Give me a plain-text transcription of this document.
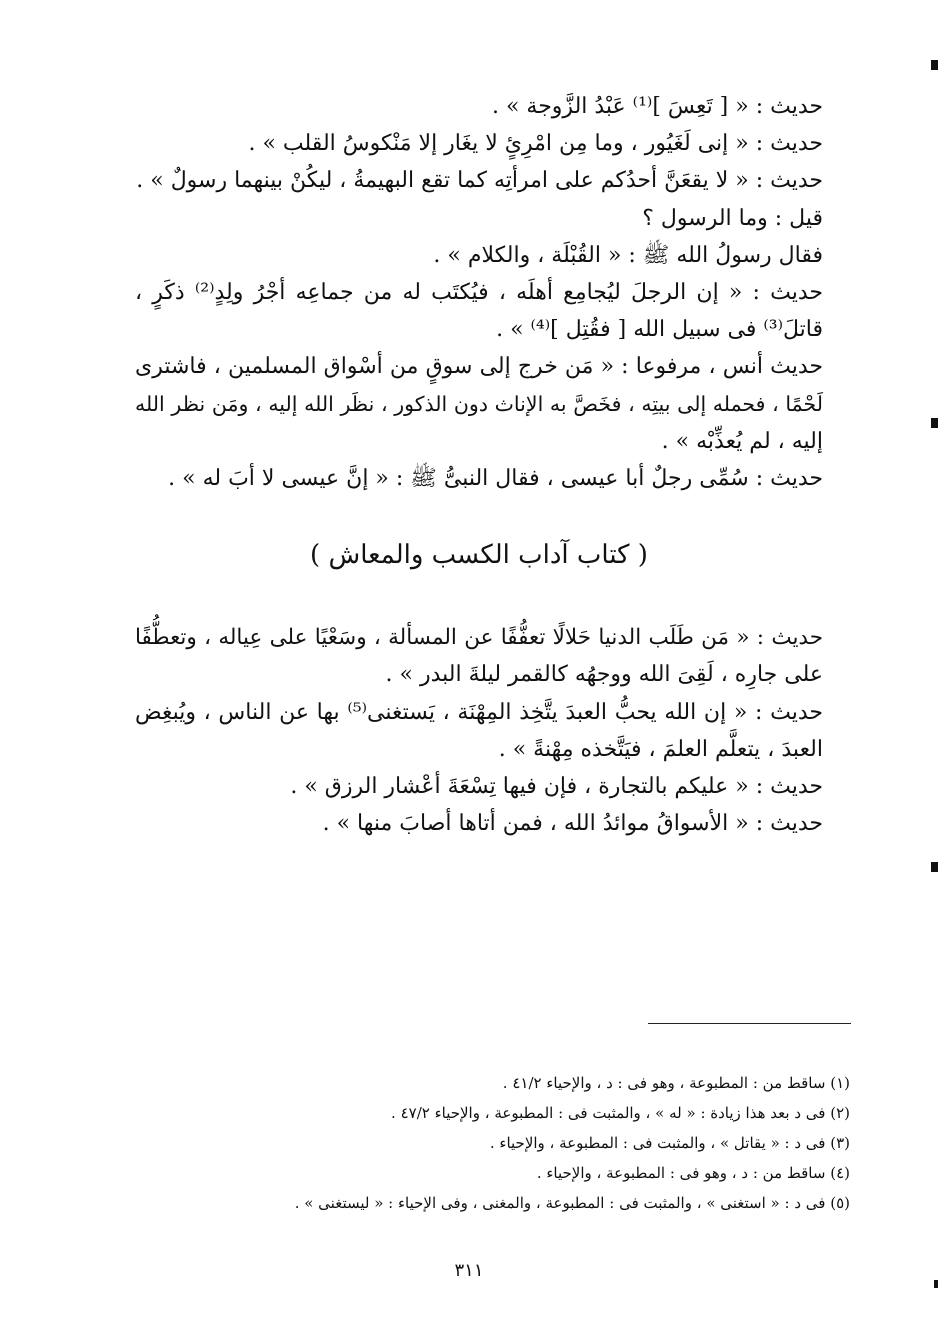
حديث : « [ تَعِسَ ]⁽¹⁾ عَبْدُ الزَّوجة » .
حديث : « إنى لَغَيُور ، وما مِن امْرِئٍ لا يغَار إلا مَنْكوسُ القلب » .
حديث : « لا يقعَنَّ أحدُكم على امرأتِه كما تقع البهيمةُ ، ليكُنْ بينهما رسولٌ » .
قيل : وما الرسول ؟
فقال رسولُ الله ﷺ : « القُبْلَة ، والكلام » .
حديث : « إن الرجلَ ليُجامِع أهلَه ، فيُكتَب له من جماعِه أجْرُ ولِدٍ⁽²⁾ ذكَرٍ ،
قاتلَ⁽³⁾ فى سبيل الله [ فقُتِل ]⁽⁴⁾ » .
حديث أنس ، مرفوعا : « مَن خرج إلى سوقٍ من أسْواق المسلمين ، فاشترى
لَحْمًا ، فحمله إلى بيتِه ، فخَصَّ به الإناث دون الذكور ، نظَر الله إليه ، ومَن نظر الله
إليه ، لم يُعذِّبْه » .
حديث : سُمِّى رجلٌ أبا عيسى ، فقال النبىُّ ﷺ : « إنَّ عيسى لا أبَ له » .
( كتاب آداب الكسب والمعاش )
حديث : « مَن طَلَب الدنيا حَلالًا تعفُّفًا عن المسألة ، وسَعْيًا على عِياله ، وتعطُّفًا
على جارِه ، لَقِىَ الله ووجهُه كالقمر ليلةَ البدر » .
حديث : « إن الله يحبُّ العبدَ يتَّخِذ المِهْنَة ، يَستغنى⁽⁵⁾ بها عن الناس ، ويُبغِض
العبدَ ، يتعلَّم العلمَ ، فيَتَّخذه مِهْنةً » .
حديث : « عليكم بالتجارة ، فإن فيها تِسْعَةَ أعْشار الرزق » .
حديث : « الأسواقُ موائدُ الله ، فمن أتاها أصابَ منها » .
(١) ساقط من : المطبوعة ، وهو فى : د ، والإحياء ٤١/٢ .
(٢) فى د بعد هذا زيادة : « له » ، والمثبت فى : المطبوعة ، والإحياء ٤٧/٢ .
(٣) فى د : « يقاتل » ، والمثبت فى : المطبوعة ، والإحياء .
(٤) ساقط من : د ، وهو فى : المطبوعة ، والإحياء .
(٥) فى د : « استغنى » ، والمثبت فى : المطبوعة ، والمغنى ، وفى الإحياء : « ليستغنى » .
٣١١
